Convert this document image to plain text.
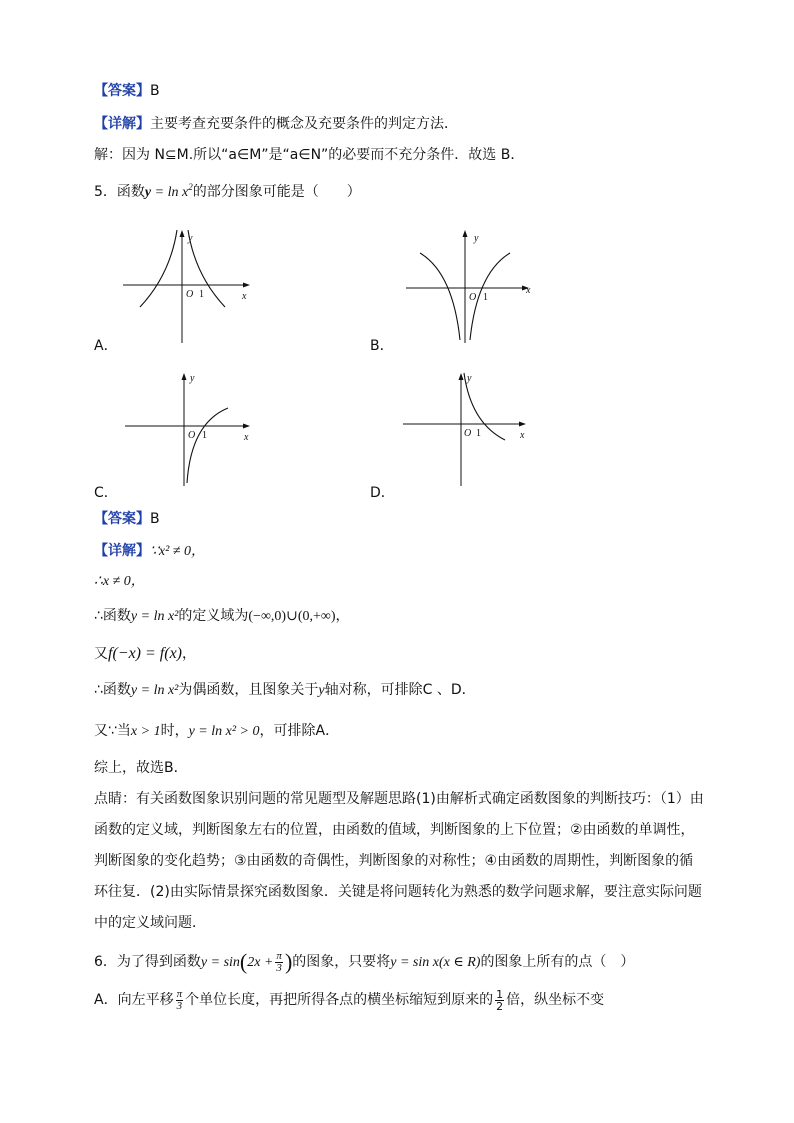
【答案】B
【详解】主要考查充要条件的概念及充要条件的判定方法．
解：因为 N⊆M.所以“a∈M”是“a∈N”的必要而不充分条件．故选 B．
5．函数$y = \ln x^2$的部分图象可能是（　　）
O 1	x
y
A．
O 1
x
y
B．
O 1	x
y
C．
O 1	x
y
D．
【答案】B
【详解】∵x² ≠ 0，
∴x ≠ 0，
∴函数y = ln x²的定义域为(−∞,0)∪(0,+∞)，
又f(−x) = f(x)，
∴函数y = ln x²为偶函数，且图象关于y轴对称，可排除C 、D．
又∵当x > 1时，y = ln x² > 0，可排除A．
综上，故选B．
点睛：有关函数图象识别问题的常见题型及解题思路(1)由解析式确定函数图象的判断技巧：（1）由
函数的定义域，判断图象左右的位置，由函数的值域，判断图象的上下位置；②由函数的单调性，
判断图象的变化趋势；③由函数的奇偶性，判断图象的对称性；④由函数的周期性，判断图象的循
环往复．(2)由实际情景探究函数图象．关键是将问题转化为熟悉的数学问题求解，要注意实际问题
中的定义域问题．
6．为了得到函数$y = \sin(2x + \frac{\pi}{3}$ )的图象，只要将y = sin x(x ∈ R)的图象上所有的点（　）
A．向左平移 $\frac{\pi}{3}$ 个单位长度，再把所得各点的横坐标缩短到原来的 $\frac{1}{2}$ 倍，纵坐标不变
